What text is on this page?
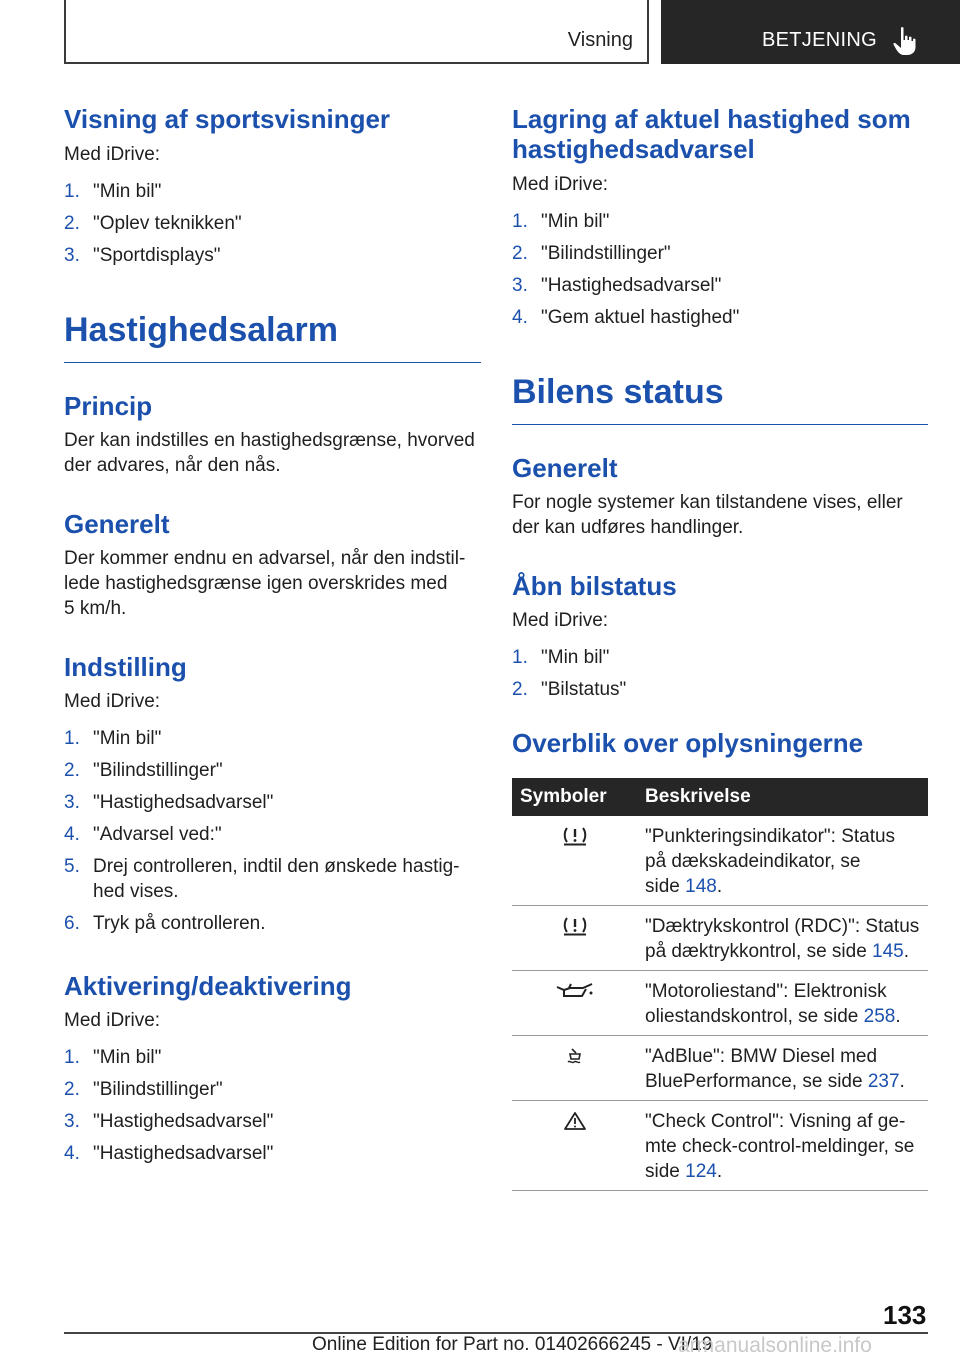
Visning	BETJENING
Visning af sportsvisninger

Med iDrive:

1. "Min bil"
2. "Oplev teknikken"
3. "Sportdisplays"
Hastighedsalarm
Princip

Der kan indstilles en hastighedsgrænse, hvorved
der advares, når den nås.

Generelt

Der kommer endnu en advarsel, når den indstil‐
lede hastighedsgrænse igen overskrides med
5 km/h.

Indstilling

Med iDrive:

1. "Min bil"
2. "Bilindstillinger"
3. "Hastighedsadvarsel"
4. "Advarsel ved:"
5. Drej controlleren, indtil den ønskede hastig‐
hed vises.
6. Tryk på controlleren.
Aktivering/deaktivering

Med iDrive:

1. "Min bil"
2. "Bilindstillinger"
3. "Hastighedsadvarsel"
4. "Hastighedsadvarsel"
Lagring af aktuel hastighed som
hastighedsadvarsel

Med iDrive:

1. "Min bil"
2. "Bilindstillinger"
3. "Hastighedsadvarsel"
4. "Gem aktuel hastighed"
Bilens status
Generelt

For nogle systemer kan tilstandene vises, eller
der kan udføres handlinger.

Åbn bilstatus

Med iDrive:

1. "Min bil"
2. "Bilstatus"
Overblik over oplysningerne
Symboler	Beskrivelse
	"Punkteringsindikator": Status
på dækskadeindikator, se
side 148.
	"Dæktrykskontrol (RDC)": Status
på dæktrykkontrol, se side 145.
	"Motoroliestand": Elektronisk
oliestandskontrol, se side 258.
	"AdBlue": BMW Diesel med
BluePerformance, se side 237.
	"Check Control": Visning af ge‐
mte check-control-meldinger, se
side 124.
133
Online Edition for Part no. 01402666245 - VI/19
armanualsonline.info
